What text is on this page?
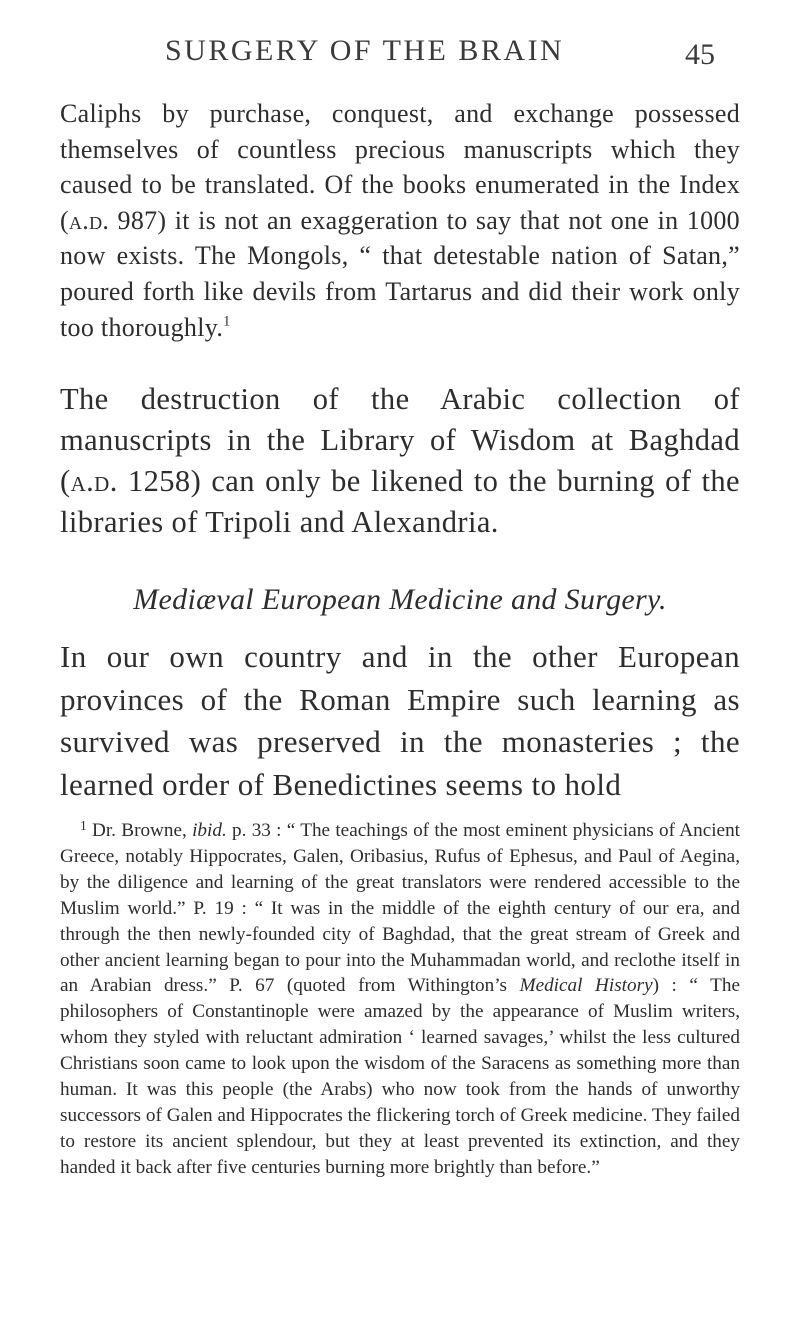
SURGERY OF THE BRAIN	45

Caliphs by purchase, conquest, and exchange possessed themselves of countless precious manuscripts which they caused to be translated. Of the books enumerated in the Index (a.d. 987) it is not an exaggeration to say that not one in 1000 now exists. The Mongols, “ that detestable nation of Satan,” poured forth like devils from Tartarus and did their work only too thoroughly.$^1$

The destruction of the Arabic collection of manuscripts in the Library of Wisdom at Baghdad (a.d. 1258) can only be likened to the burning of the libraries of Tripoli and Alexandria.

Mediæval European Medicine and Surgery.

In our own country and in the other European provinces of the Roman Empire such learning as survived was preserved in the monasteries ; the learned order of Benedictines seems to hold

$^1$ Dr. Browne, ibid. p. 33 : “ The teachings of the most eminent physicians of Ancient Greece, notably Hippocrates, Galen, Oribasius, Rufus of Ephesus, and Paul of Aegina, by the diligence and learning of the great translators were rendered accessible to the Muslim world.” P. 19 : “ It was in the middle of the eighth century of our era, and through the then newly-founded city of Baghdad, that the great stream of Greek and other ancient learning began to pour into the Muhammadan world, and reclothe itself in an Arabian dress.” P. 67 (quoted from Withington’s Medical History) : “ The philosophers of Constantinople were amazed by the appearance of Muslim writers, whom they styled with reluctant admiration ‘ learned savages,’ whilst the less cultured Christians soon came to look upon the wisdom of the Saracens as something more than human. It was this people (the Arabs) who now took from the hands of unworthy successors of Galen and Hippocrates the flickering torch of Greek medicine. They failed to restore its ancient splendour, but they at least prevented its extinction, and they handed it back after five centuries burning more brightly than before.”
